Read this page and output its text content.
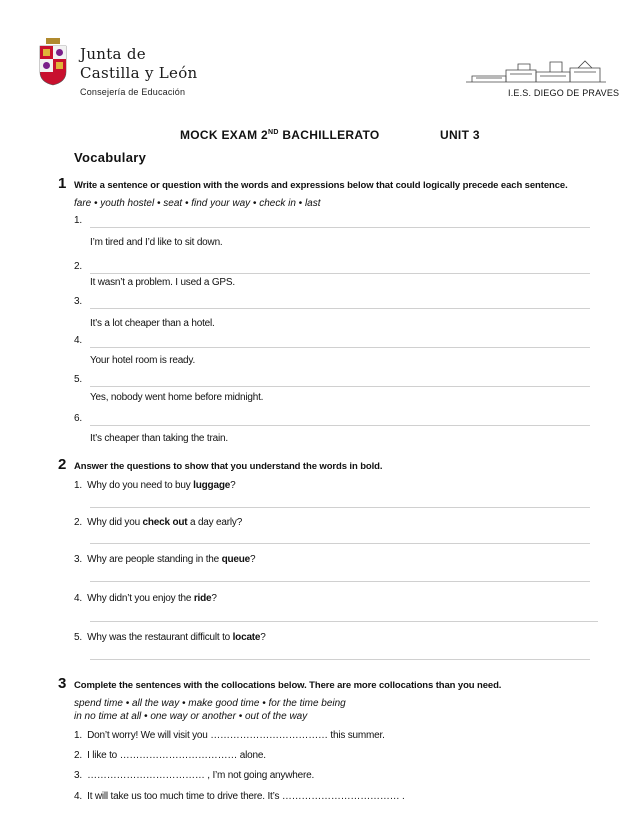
Junta de
Castilla y León
Consejería de Educación	I.E.S. DIEGO DE PRAVES
MOCK EXAM 2ND BACHILLERATO	UNIT 3
Vocabulary
1 Write a sentence or question with the words and expressions below that could logically precede each sentence.
fare • youth hostel • seat • find your way • check in • last
1.
I’m tired and I’d like to sit down.
2.
It wasn’t a problem. I used a GPS.
3.
It’s a lot cheaper than a hotel.
4.
Your hotel room is ready.
5.
Yes, nobody went home before midnight.
6.
It’s cheaper than taking the train.
2 Answer the questions to show that you understand the words in bold.
1. Why do you need to buy luggage?
2. Why did you check out a day early?
3. Why are people standing in the queue?
4. Why didn’t you enjoy the ride?
5. Why was the restaurant difficult to locate?
3 Complete the sentences with the collocations below. There are more collocations than you need.
spend time • all the way • make good time • for the time being
in no time at all • one way or another • out of the way
1. Don’t worry! We will visit you ……………………………… this summer.
2. I like to ……………………………… alone.
3. ……………………………… , I’m not going anywhere.
4. It will take us too much time to drive there. It’s ……………………………… .
